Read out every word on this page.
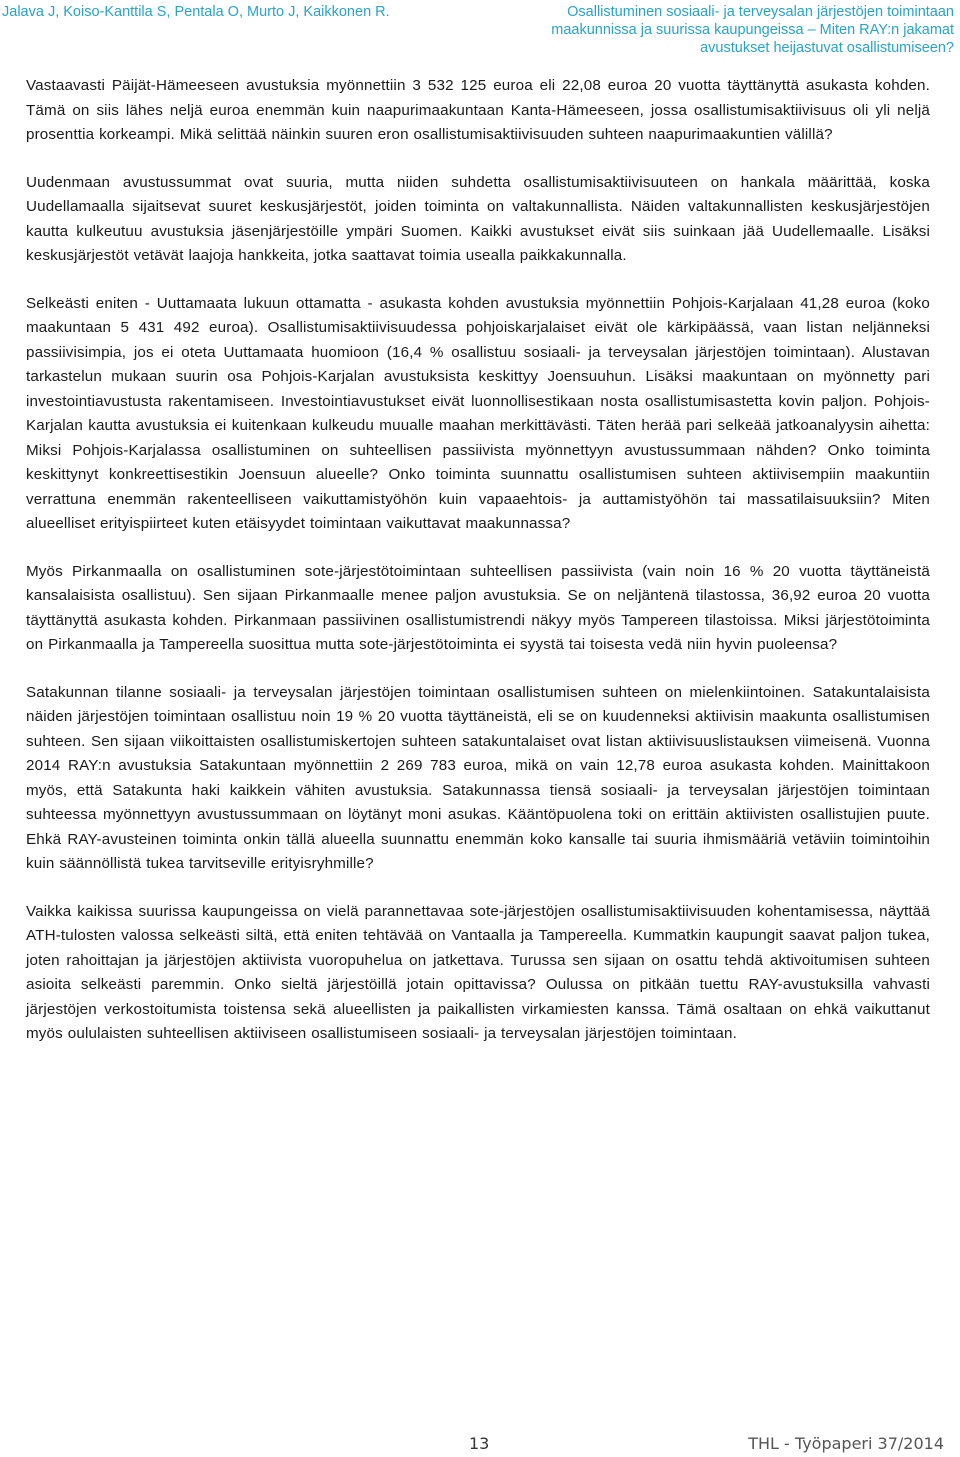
Jalava J, Koiso-Kanttila S, Pentala O, Murto J, Kaikkonen R.	Osallistuminen sosiaali- ja terveysalan järjestöjen toimintaan
maakunnissa ja suurissa kaupungeissa – Miten RAY:n jakamat
avustukset heijastuvat osallistumiseen?

Vastaavasti Päijät-Hämeeseen avustuksia myönnettiin 3 532 125 euroa eli 22,08 euroa 20 vuotta täyttänyttä asukasta kohden. Tämä on siis lähes neljä euroa enemmän kuin naapurimaakuntaan Kanta-Hämeeseen, jossa osallistumisaktiivisuus oli yli neljä prosenttia korkeampi. Mikä selittää näinkin suuren eron osallistumisaktiivisuuden suhteen naapurimaakuntien välillä?

Uudenmaan avustussummat ovat suuria, mutta niiden suhdetta osallistumisaktiivisuuteen on hankala määrittää, koska Uudellamaalla sijaitsevat suuret keskusjärjestöt, joiden toiminta on valtakunnallista. Näiden valtakunnallisten keskusjärjestöjen kautta kulkeutuu avustuksia jäsenjärjestöille ympäri Suomen. Kaikki avustukset eivät siis suinkaan jää Uudellemaalle. Lisäksi keskusjärjestöt vetävät laajoja hankkeita, jotka saattavat toimia usealla paikkakunnalla.

Selkeästi eniten - Uuttamaata lukuun ottamatta - asukasta kohden avustuksia myönnettiin Pohjois-Karjalaan 41,28 euroa (koko maakuntaan 5 431 492 euroa). Osallistumisaktiivisuudessa pohjoiskarjalaiset eivät ole kärkipäässä, vaan listan neljänneksi passiivisimpia, jos ei oteta Uuttamaata huomioon (16,4 % osallistuu sosiaali- ja terveysalan järjestöjen toimintaan). Alustavan tarkastelun mukaan suurin osa Pohjois-Karjalan avustuksista keskittyy Joensuuhun. Lisäksi maakuntaan on myönnetty pari investointiavustusta rakentamiseen. Investointiavustukset eivät luonnollisestikaan nosta osallistumisastetta kovin paljon. Pohjois-Karjalan kautta avustuksia ei kuitenkaan kulkeudu muualle maahan merkittävästi. Täten herää pari selkeää jatkoanalyysin aihetta: Miksi Pohjois-Karjalassa osallistuminen on suhteellisen passiivista myönnettyyn avustussummaan nähden? Onko toiminta keskittynyt konkreettisestikin Joensuun alueelle? Onko toiminta suunnattu osallistumisen suhteen aktiivisempiin maakuntiin verrattuna enemmän rakenteelliseen vaikuttamistyöhön kuin vapaaehtois- ja auttamistyöhön tai massatilaisuuksiin? Miten alueelliset erityispiirteet kuten etäisyydet toimintaan vaikuttavat maakunnassa?

Myös Pirkanmaalla on osallistuminen sote-järjestötoimintaan suhteellisen passiivista (vain noin 16 % 20 vuotta täyttäneistä kansalaisista osallistuu). Sen sijaan Pirkanmaalle menee paljon avustuksia. Se on neljäntenä tilastossa, 36,92 euroa 20 vuotta täyttänyttä asukasta kohden. Pirkanmaan passiivinen osallistumistrendi näkyy myös Tampereen tilastoissa. Miksi järjestötoiminta on Pirkanmaalla ja Tampereella suosittua mutta sote-järjestötoiminta ei syystä tai toisesta vedä niin hyvin puoleensa?

Satakunnan tilanne sosiaali- ja terveysalan järjestöjen toimintaan osallistumisen suhteen on mielenkiintoinen. Satakuntalaisista näiden järjestöjen toimintaan osallistuu noin 19 % 20 vuotta täyttäneistä, eli se on kuudenneksi aktiivisin maakunta osallistumisen suhteen. Sen sijaan viikoittaisten osallistumiskertojen suhteen satakuntalaiset ovat listan aktiivisuuslistauksen viimeisenä. Vuonna 2014 RAY:n avustuksia Satakuntaan myönnettiin 2 269 783 euroa, mikä on vain 12,78 euroa asukasta kohden. Mainittakoon myös, että Satakunta haki kaikkein vähiten avustuksia. Satakunnassa tiensä sosiaali- ja terveysalan järjestöjen toimintaan suhteessa myönnettyyn avustussummaan on löytänyt moni asukas. Kääntöpuolena toki on erittäin aktiivisten osallistujien puute. Ehkä RAY-avusteinen toiminta onkin tällä alueella suunnattu enemmän koko kansalle tai suuria ihmismääriä vetäviin toimintoihin kuin säännöllistä tukea tarvitseville erityisryhmille?

Vaikka kaikissa suurissa kaupungeissa on vielä parannettavaa sote-järjestöjen osallistumisaktiivisuuden kohentamisessa, näyttää ATH-tulosten valossa selkeästi siltä, että eniten tehtävää on Vantaalla ja Tampereella. Kummatkin kaupungit saavat paljon tukea, joten rahoittajan ja järjestöjen aktiivista vuoropuhelua on jatkettava. Turussa sen sijaan on osattu tehdä aktivoitumisen suhteen asioita selkeästi paremmin. Onko sieltä järjestöillä jotain opittavissa? Oulussa on pitkään tuettu RAY-avustuksilla vahvasti järjestöjen verkostoitumista toistensa sekä alueellisten ja paikallisten virkamiesten kanssa. Tämä osaltaan on ehkä vaikuttanut myös oululaisten suhteellisen aktiiviseen osallistumiseen sosiaali- ja terveysalan järjestöjen toimintaan.

13	THL - Työpaperi 37/2014
